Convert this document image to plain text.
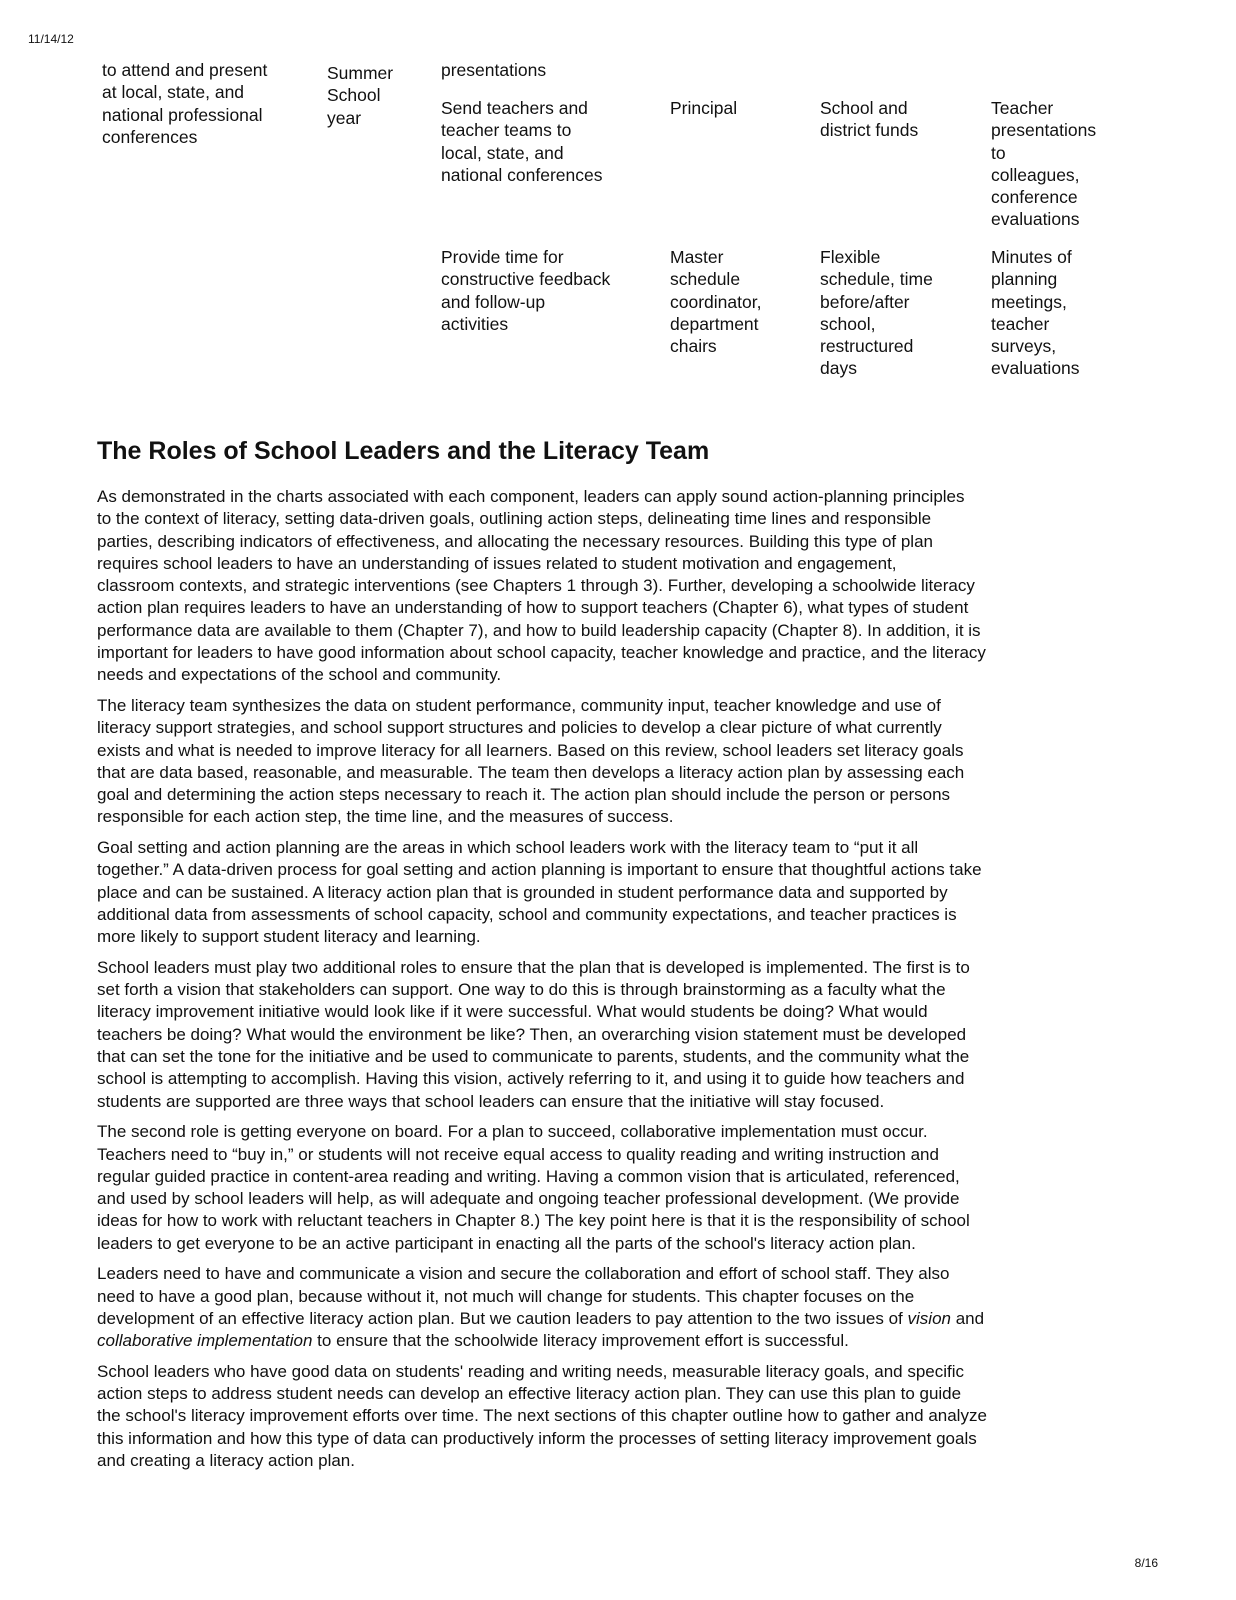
11/14/12
to attend and present
at local, state, and
national professional
conferences
Summer
School
year
presentations
Send teachers and
teacher teams to
local, state, and
national conferences
Principal	School and
district funds
Teacher
presentations
to
colleagues,
conference
evaluations
Provide time for
constructive feedback
and follow-up
activities
Master
schedule
coordinator,
department
chairs
Flexible
schedule, time
before/after
school,
restructured
days
Minutes of
planning
meetings,
teacher
surveys,
evaluations
The Roles of School Leaders and the Literacy Team

As demonstrated in the charts associated with each component, leaders can apply sound action-planning principles
to the context of literacy, setting data-driven goals, outlining action steps, delineating time lines and responsible
parties, describing indicators of effectiveness, and allocating the necessary resources. Building this type of plan
requires school leaders to have an understanding of issues related to student motivation and engagement,
classroom contexts, and strategic interventions (see Chapters 1 through 3). Further, developing a schoolwide literacy
action plan requires leaders to have an understanding of how to support teachers (Chapter 6), what types of student
performance data are available to them (Chapter 7), and how to build leadership capacity (Chapter 8). In addition, it is
important for leaders to have good information about school capacity, teacher knowledge and practice, and the literacy
needs and expectations of the school and community.

The literacy team synthesizes the data on student performance, community input, teacher knowledge and use of
literacy support strategies, and school support structures and policies to develop a clear picture of what currently
exists and what is needed to improve literacy for all learners. Based on this review, school leaders set literacy goals
that are data based, reasonable, and measurable. The team then develops a literacy action plan by assessing each
goal and determining the action steps necessary to reach it. The action plan should include the person or persons
responsible for each action step, the time line, and the measures of success.

Goal setting and action planning are the areas in which school leaders work with the literacy team to “put it all
together.” A data-driven process for goal setting and action planning is important to ensure that thoughtful actions take
place and can be sustained. A literacy action plan that is grounded in student performance data and supported by
additional data from assessments of school capacity, school and community expectations, and teacher practices is
more likely to support student literacy and learning.

School leaders must play two additional roles to ensure that the plan that is developed is implemented. The first is to
set forth a vision that stakeholders can support. One way to do this is through brainstorming as a faculty what the
literacy improvement initiative would look like if it were successful. What would students be doing? What would
teachers be doing? What would the environment be like? Then, an overarching vision statement must be developed
that can set the tone for the initiative and be used to communicate to parents, students, and the community what the
school is attempting to accomplish. Having this vision, actively referring to it, and using it to guide how teachers and
students are supported are three ways that school leaders can ensure that the initiative will stay focused.

The second role is getting everyone on board. For a plan to succeed, collaborative implementation must occur.
Teachers need to “buy in,” or students will not receive equal access to quality reading and writing instruction and
regular guided practice in content-area reading and writing. Having a common vision that is articulated, referenced,
and used by school leaders will help, as will adequate and ongoing teacher professional development. (We provide
ideas for how to work with reluctant teachers in Chapter 8.) The key point here is that it is the responsibility of school
leaders to get everyone to be an active participant in enacting all the parts of the school's literacy action plan.

Leaders need to have and communicate a vision and secure the collaboration and effort of school staff. They also
need to have a good plan, because without it, not much will change for students. This chapter focuses on the
development of an effective literacy action plan. But we caution leaders to pay attention to the two issues of vision and
collaborative implementation to ensure that the schoolwide literacy improvement effort is successful.

School leaders who have good data on students' reading and writing needs, measurable literacy goals, and specific
action steps to address student needs can develop an effective literacy action plan. They can use this plan to guide
the school's literacy improvement efforts over time. The next sections of this chapter outline how to gather and analyze
this information and how this type of data can productively inform the processes of setting literacy improvement goals
and creating a literacy action plan.

8/16
